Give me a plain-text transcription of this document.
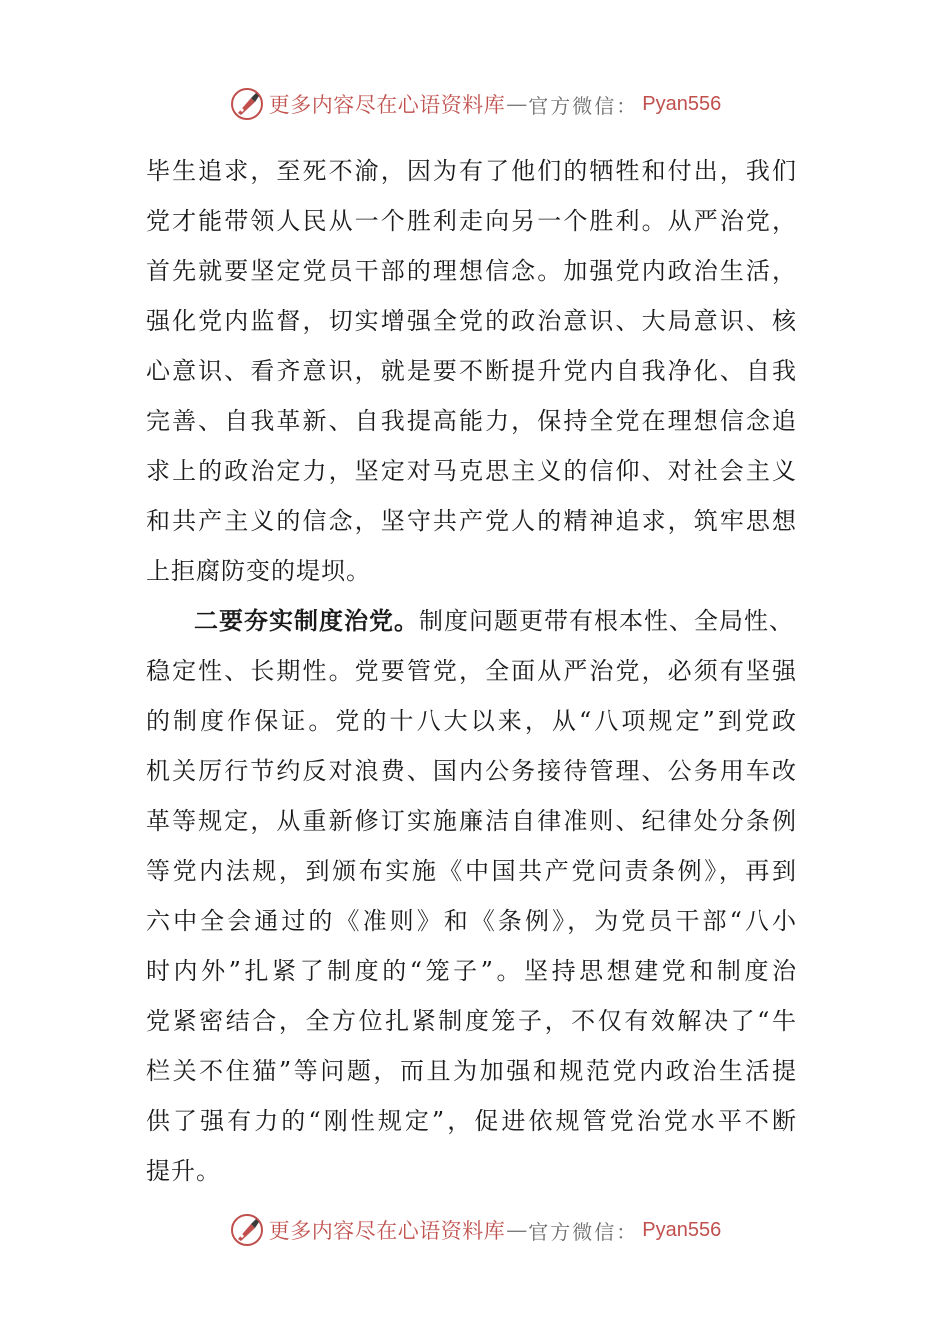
更多内容尽在心语资料库 — 官方微信： Pyan556
毕生追求，至死不渝，因为有了他们的牺牲和付出，我们
党才能带领人民从一个胜利走向另一个胜利。从严治党，
首先就要坚定党员干部的理想信念。加强党内政治生活，
强化党内监督，切实增强全党的政治意识、大局意识、核
心意识、看齐意识，就是要不断提升党内自我净化、自我
完善、自我革新、自我提高能力，保持全党在理想信念追
求上的政治定力，坚定对马克思主义的信仰、对社会主义
和共产主义的信念，坚守共产党人的精神追求，筑牢思想
上拒腐防变的堤坝。
二要夯实制度治党。制度问题更带有根本性、全局性、
稳定性、长期性。党要管党，全面从严治党，必须有坚强
的制度作保证。党的十八大以来，从“八项规定”到党政
机关厉行节约反对浪费、国内公务接待管理、公务用车改
革等规定，从重新修订实施廉洁自律准则、纪律处分条例
等党内法规，到颁布实施《中国共产党问责条例》，再到
六中全会通过的《准则》和《条例》，为党员干部“八小
时内外”扎紧了制度的“笼子”。坚持思想建党和制度治
党紧密结合，全方位扎紧制度笼子，不仅有效解决了“牛
栏关不住猫”等问题，而且为加强和规范党内政治生活提
供了强有力的“刚性规定”，促进依规管党治党水平不断
提升。
更多内容尽在心语资料库 — 官方微信： Pyan556
